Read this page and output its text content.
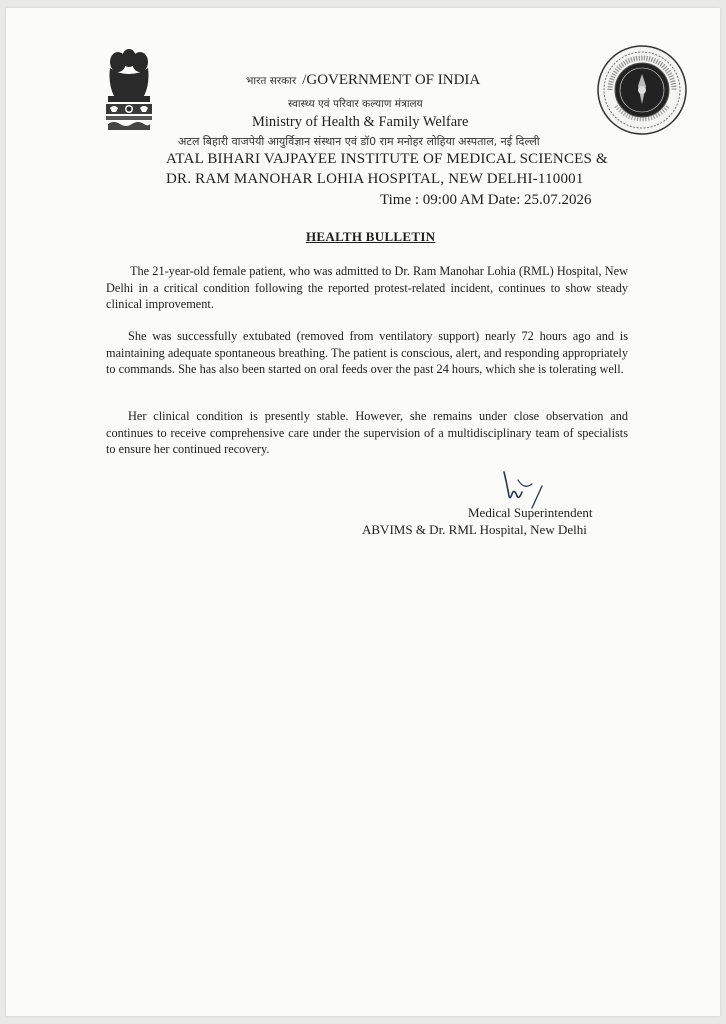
भारत सरकार /GOVERNMENT OF INDIA
स्वास्थ्य एवं परिवार कल्याण मंत्रालय
Ministry of Health & Family Welfare
अटल बिहारी वाजपेयी आयुर्विज्ञान संस्थान एवं डॉ0 राम मनोहर लोहिया अस्पताल, नई दिल्ली
ATAL BIHARI VAJPAYEE INSTITUTE OF MEDICAL SCIENCES &
DR. RAM MANOHAR LOHIA HOSPITAL, NEW DELHI-110001
Time : 09:00 AM Date: 25.07.2026
HEALTH BULLETIN

The 21-year-old female patient, who was admitted to Dr. Ram Manohar Lohia (RML) Hospital, New Delhi in a critical condition following the reported protest-related incident, continues to show steady clinical improvement.

She was successfully extubated (removed from ventilatory support) nearly 72 hours ago and is maintaining adequate spontaneous breathing. The patient is conscious, alert, and responding appropriately to commands. She has also been started on oral feeds over the past 24 hours, which she is tolerating well.

Her clinical condition is presently stable. However, she remains under close observation and continues to receive comprehensive care under the supervision of a multidisciplinary team of specialists to ensure her continued recovery.

Medical Superintendent
ABVIMS & Dr. RML Hospital, New Delhi
